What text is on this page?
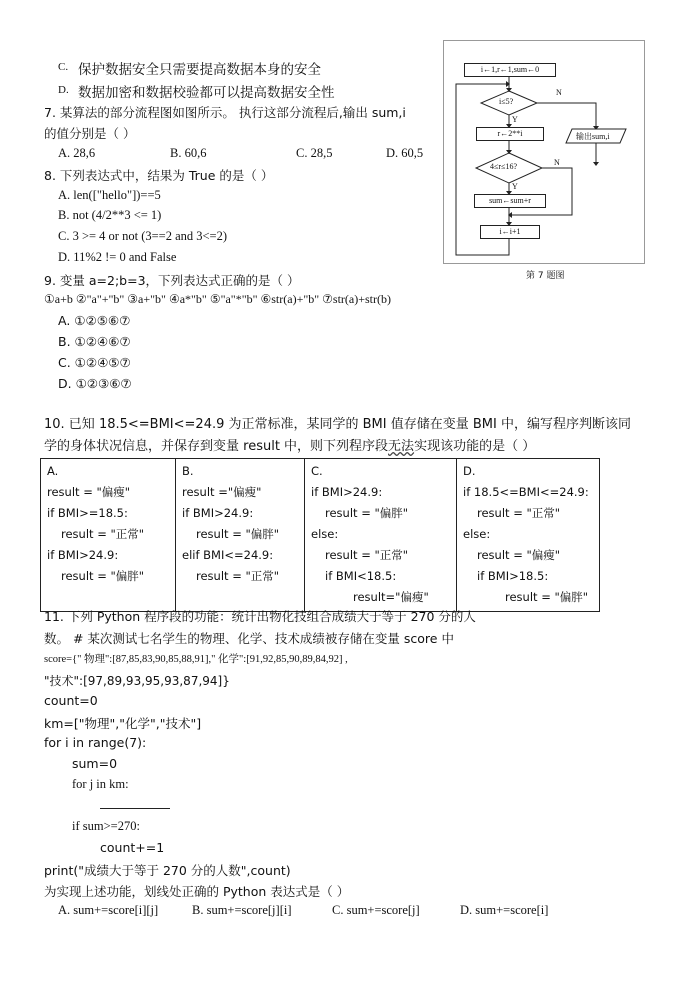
C. 保护数据安全只需要提高数据本身的安全
D. 数据加密和数据校验都可以提高数据安全性
7. 某算法的部分流程图如图所示。 执行这部分流程后,输出 sum,i
的值分别是（ ）
A. 28,6	B. 60,6	C. 28,5	D. 60,5
i←1,r←1,sum←0
i≤5?
Y
N
r←2**i
4≤r≤16?
Y
N
sum←sum+r
i←i+1
输出sum,i
第 7 题图
8. 下列表达式中，结果为 True 的是（ ）
A. len(["hello"])==5
B. not (4/2**3 <= 1)
C. 3 >= 4 or not (3==2 and 3<=2)
D. 11%2 != 0 and False
9. 变量 a=2;b=3，下列表达式正确的是（ ）
①a+b ②"a"+"b" ③a+"b" ④a*"b" ⑤"a"*"b" ⑥str(a)+"b" ⑦str(a)+str(b)
A. ①②⑤⑥⑦
B. ①②④⑥⑦
C. ①②④⑤⑦
D. ①②③⑥⑦
10. 已知 18.5<=BMI<=24.9 为正常标准，某同学的 BMI 值存储在变量 BMI 中，编写程序判断该同
学的身体状况信息，并保存到变量 result 中，则下列程序段无法实现该功能的是（ ）
A.
result = "偏瘦"
if BMI>=18.5:
result = "正常"
if BMI>24.9:
result = "偏胖"

B.
result ="偏瘦"
if BMI>24.9:
result = "偏胖"
elif BMI<=24.9:
result = "正常"

C.
if BMI>24.9:
result = "偏胖"
else:
result = "正常"
if BMI<18.5:
result="偏瘦"

D.
if 18.5<=BMI<=24.9:
result = "正常"
else:
result = "偏瘦"
if BMI>18.5:
result = "偏胖"
11. 下列 Python 程序段的功能：统计出物化技组合成绩大于等于 270 分的人
数。 # 某次测试七名学生的物理、化学、技术成绩被存储在变量 score 中
score={" 物理":[87,85,83,90,85,88,91]," 化学":[91,92,85,90,89,84,92] ,
"技术":[97,89,93,95,93,87,94]}
count=0
km=["物理","化学","技术"]
for i in range(7):
sum=0
for j in km:
if sum>=270:
count+=1
print("成绩大于等于 270 分的人数",count)
为实现上述功能，划线处正确的 Python 表达式是（ ）
A. sum+=score[i][j]	B. sum+=score[j][i]	C. sum+=score[j]	D. sum+=score[i]
